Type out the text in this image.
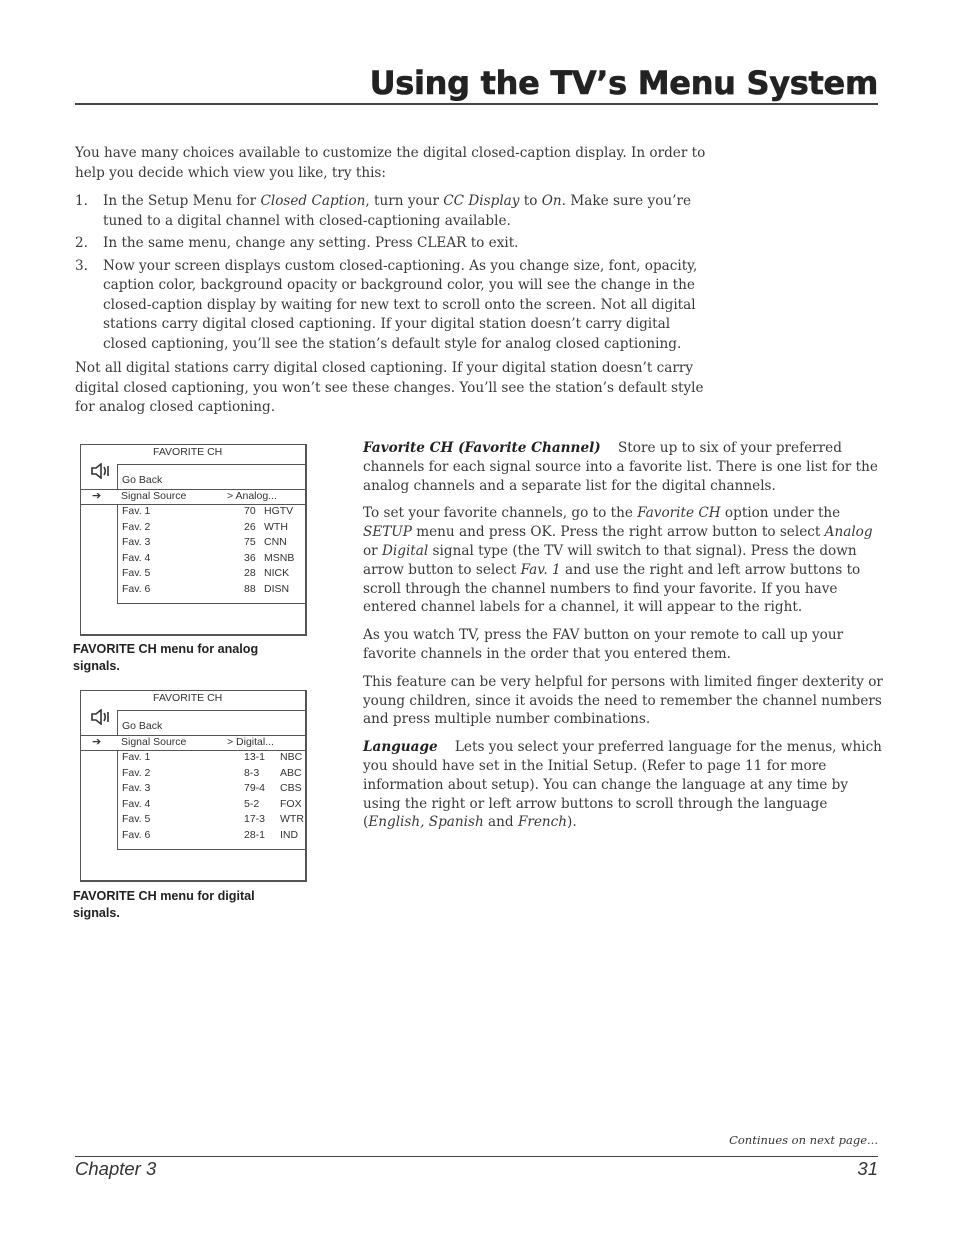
Using the TV’s Menu System

You have many choices available to customize the digital closed-caption display. In order to help you decide which view you like, try this:

1. In the Setup Menu for Closed Caption, turn your CC Display to On. Make sure you’re tuned to a digital channel with closed-captioning available.
2. In the same menu, change any setting. Press CLEAR to exit.
3. Now your screen displays custom closed-captioning. As you change size, font, opacity, caption color, background opacity or background color, you will see the change in the closed-caption display by waiting for new text to scroll onto the screen. Not all digital stations carry digital closed captioning. If your digital station doesn’t carry digital closed captioning, you’ll see the station’s default style for analog closed captioning.

Not all digital stations carry digital closed captioning. If your digital station doesn’t carry digital closed captioning, you won’t see these changes. You’ll see the station’s default style for analog closed captioning.

FAVORITE CH
Go Back
➔ Signal Source	> Analog...
Fav. 1	70 HGTV
Fav. 2	26 WTH
Fav. 3	75 CNN
Fav. 4	36 MSNB
Fav. 5	28 NICK
Fav. 6	88 DISN

FAVORITE CH menu for analog signals.

FAVORITE CH
Go Back
➔ Signal Source	> Digital...
Fav. 1	13-1 NBC
Fav. 2	8-3 ABC
Fav. 3	79-4 CBS
Fav. 4	5-2 FOX
Fav. 5	17-3 WTR
Fav. 6	28-1 IND

FAVORITE CH menu for digital signals.

Favorite CH (Favorite Channel) Store up to six of your preferred channels for each signal source into a favorite list. There is one list for the analog channels and a separate list for the digital channels.

To set your favorite channels, go to the Favorite CH option under the SETUP menu and press OK. Press the right arrow button to select Analog or Digital signal type (the TV will switch to that signal). Press the down arrow button to select Fav. 1 and use the right and left arrow buttons to scroll through the channel numbers to find your favorite. If you have entered channel labels for a channel, it will appear to the right.

As you watch TV, press the FAV button on your remote to call up your favorite channels in the order that you entered them.

This feature can be very helpful for persons with limited finger dexterity or young children, since it avoids the need to remember the channel numbers and press multiple number combinations.

Language Lets you select your preferred language for the menus, which you should have set in the Initial Setup. (Refer to page 11 for more information about setup). You can change the language at any time by using the right or left arrow buttons to scroll through the language (English, Spanish and French).

Continues on next page...
Chapter 3	31
